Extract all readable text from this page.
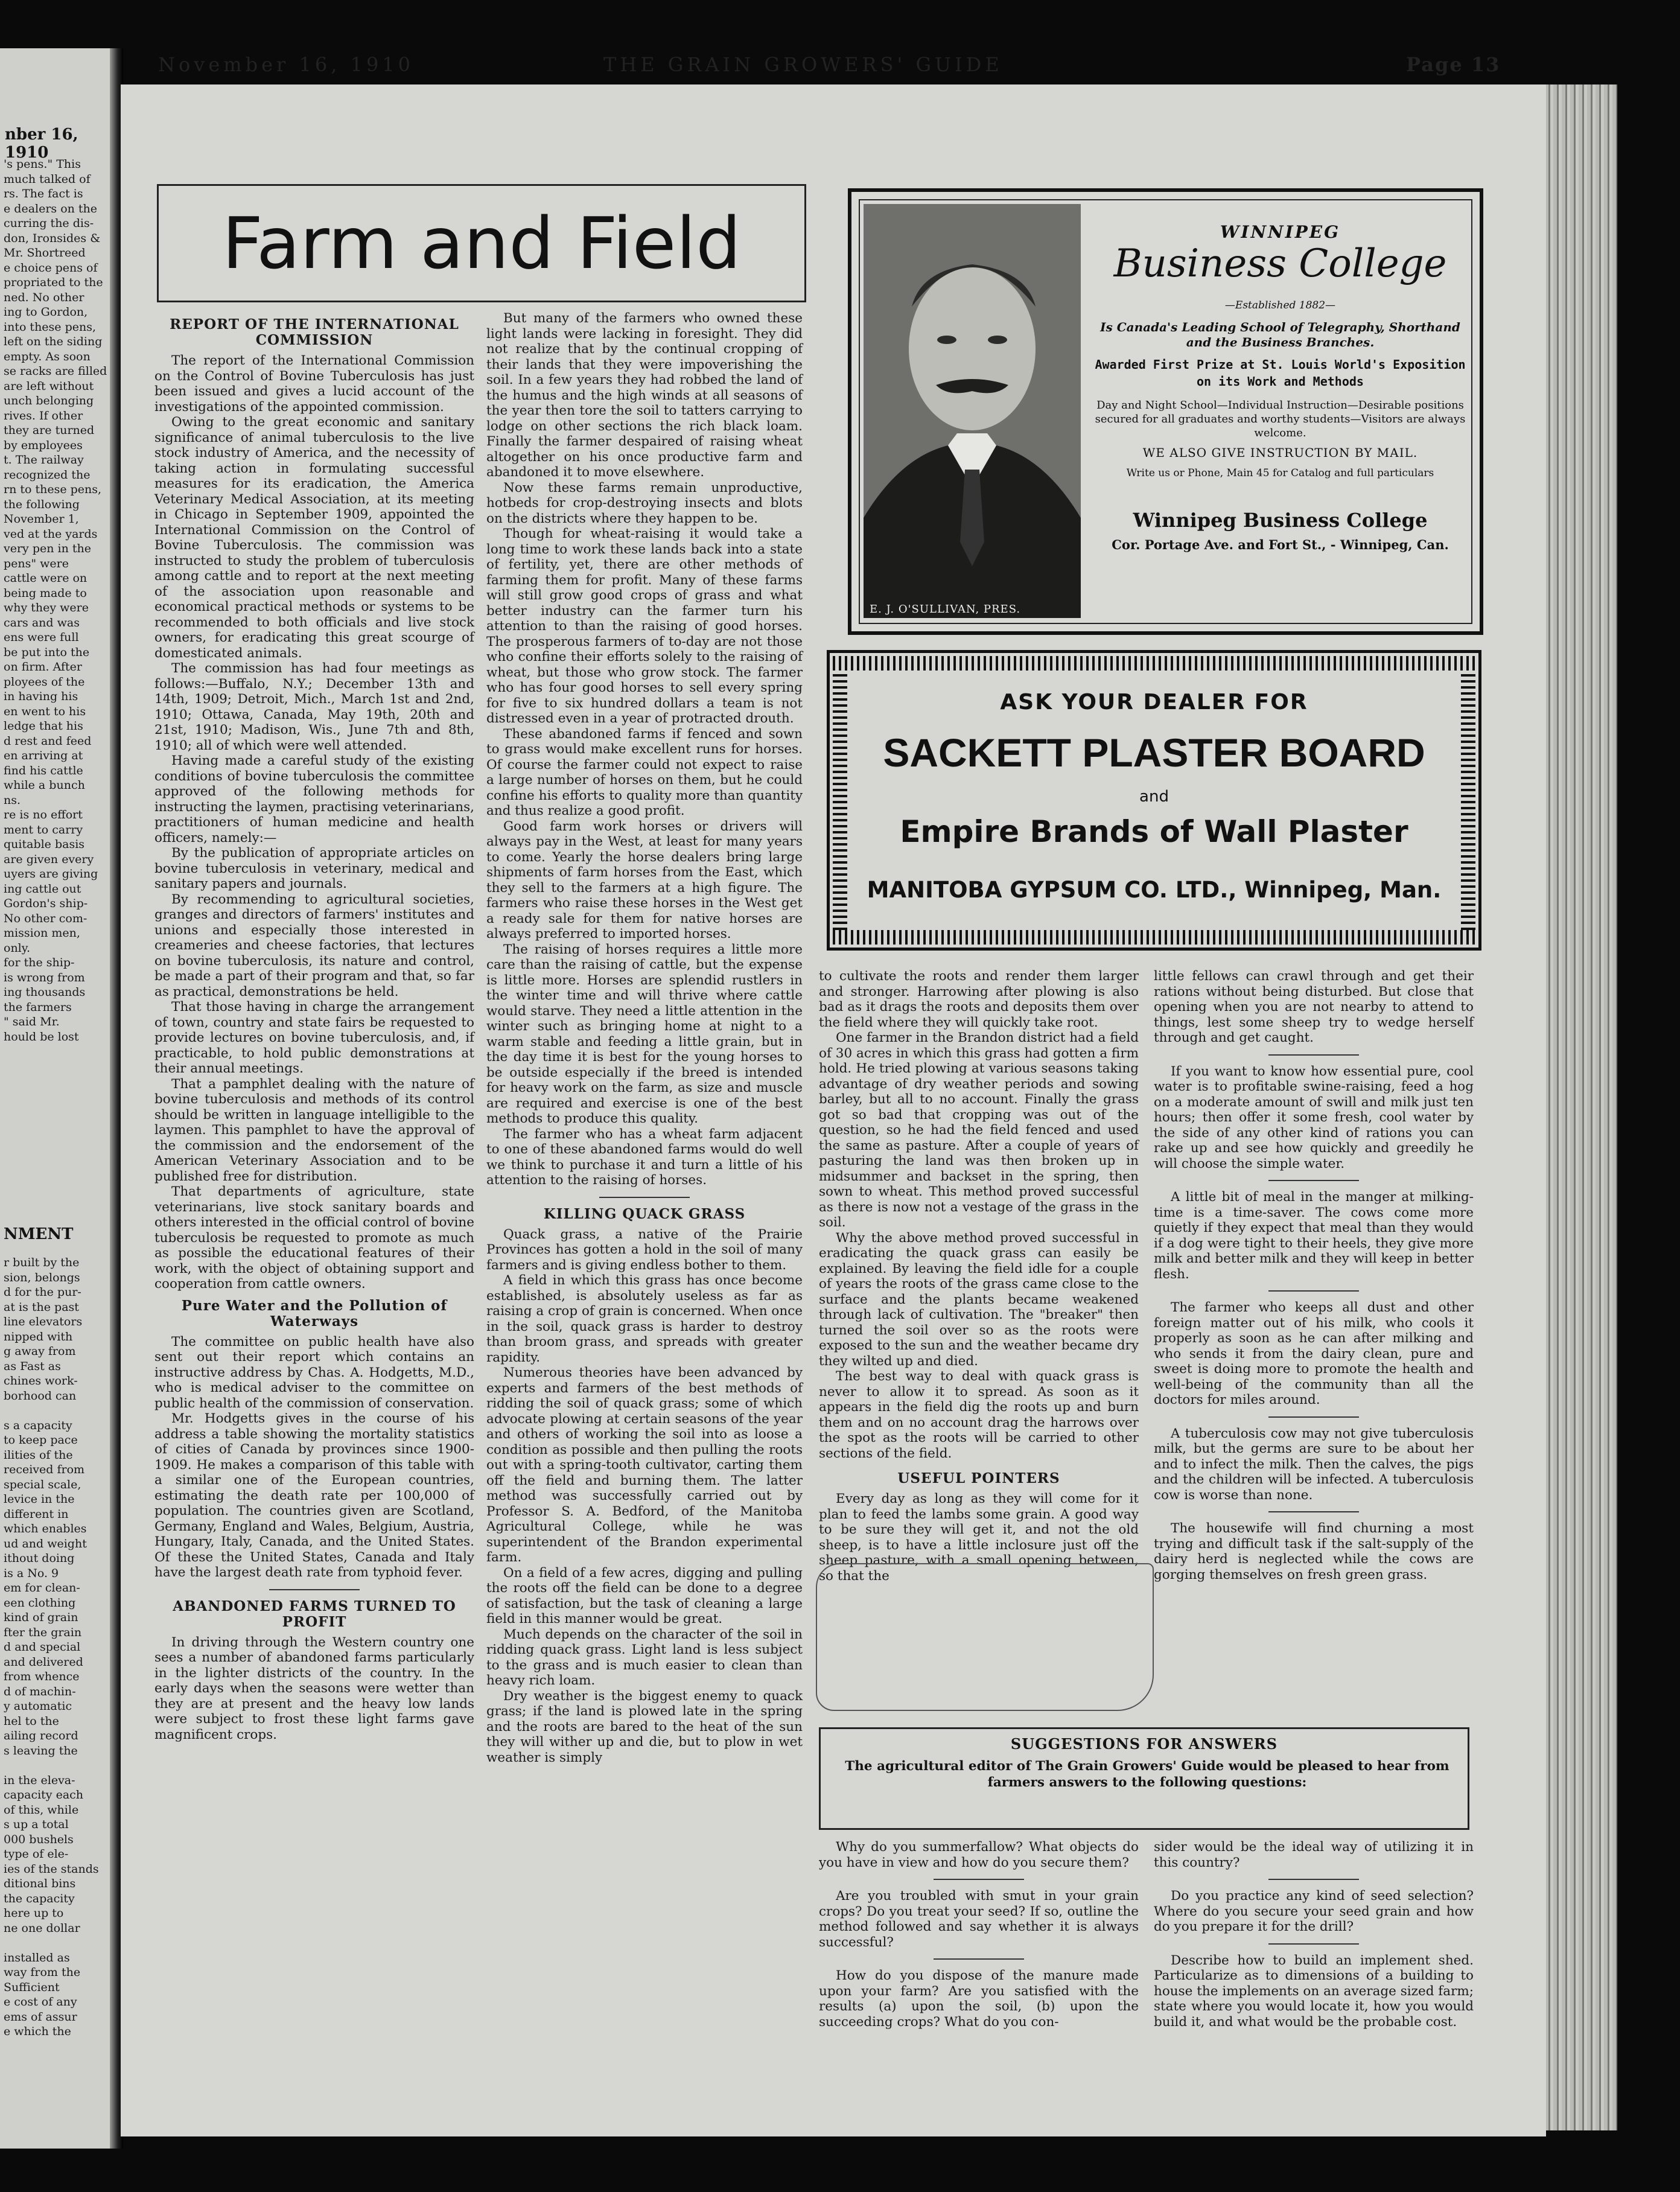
nber 16, 1910
's pens." This
much talked of
rs. The fact is
e dealers on the
curring the dis-
don, Ironsides &
Mr. Shortreed
e choice pens of
propriated to the
ned. No other
ing to Gordon,
into these pens,
left on the siding
empty. As soon
se racks are filled
are left without
unch belonging
rives. If other
they are turned
by employees
t. The railway
recognized the
rn to these pens,
the following
November 1,
ved at the yards
very pen in the
pens" were
cattle were on
being made to
why they were
cars and was
ens were full
be put into the
on firm. After
ployees of the
in having his
en went to his
ledge that his
d rest and feed
en arriving at
find his cattle
while a bunch
ns.
re is no effort
ment to carry
quitable basis
are given every
uyers are giving
ing cattle out
Gordon's ship-
No other com-
mission men,
only.
for the ship-
is wrong from
ing thousands
the farmers
" said Mr.
hould be lost
NMENT
r built by the
sion, belongs
d for the pur-
at is the past
line elevators
nipped with
g away from
as Fast as
chines work-
borhood can

s a capacity
to keep pace
ilities of the
received from
special scale,
levice in the
different in
which enables
ud and weight
ithout doing
is a No. 9
em for clean-
een clothing
kind of grain
fter the grain
d and special
and delivered
from whence
d of machin-
y automatic
hel to the
ailing record
s leaving the

in the eleva-
capacity each
of this, while
s up a total
000 bushels
type of ele-
ies of the stands
ditional bins
the capacity
here up to
ne one dollar

installed as
way from the
Sufficient
e cost of any
ems of assur
e which the
November 16, 1910	THE GRAIN GROWERS' GUIDE	Page 13
Farm and Field
REPORT OF THE INTERNATIONAL COMMISSION

The report of the International Commission on the Control of Bovine Tuberculosis has just been issued and gives a lucid account of the investigations of the appointed commission.

Owing to the great economic and sanitary significance of animal tuberculosis to the live stock industry of America, and the necessity of taking action in formulating successful measures for its eradication, the America Veterinary Medical Association, at its meeting in Chicago in September 1909, appointed the International Commission on the Control of Bovine Tuberculosis. The commission was instructed to study the problem of tuberculosis among cattle and to report at the next meeting of the association upon reasonable and economical practical methods or systems to be recommended to both officials and live stock owners, for eradicating this great scourge of domesticated animals.

The commission has had four meetings as follows:—Buffalo, N.Y.; December 13th and 14th, 1909; Detroit, Mich., March 1st and 2nd, 1910; Ottawa, Canada, May 19th, 20th and 21st, 1910; Madison, Wis., June 7th and 8th, 1910; all of which were well attended.

Having made a careful study of the existing conditions of bovine tuberculosis the committee approved of the following methods for instructing the laymen, practising veterinarians, practitioners of human medicine and health officers, namely:—

By the publication of appropriate articles on bovine tuberculosis in veterinary, medical and sanitary papers and journals.

By recommending to agricultural societies, granges and directors of farmers' institutes and unions and especially those interested in creameries and cheese factories, that lectures on bovine tuberculosis, its nature and control, be made a part of their program and that, so far as practical, demonstrations be held.

That those having in charge the arrangement of town, country and state fairs be requested to provide lectures on bovine tuberculosis, and, if practicable, to hold public demonstrations at their annual meetings.

That a pamphlet dealing with the nature of bovine tuberculosis and methods of its control should be written in language intelligible to the laymen. This pamphlet to have the approval of the commission and the endorsement of the American Veterinary Association and to be published free for distribution.

That departments of agriculture, state veterinarians, live stock sanitary boards and others interested in the official control of bovine tuberculosis be requested to promote as much as possible the educational features of their work, with the object of obtaining support and cooperation from cattle owners.

Pure Water and the Pollution of Waterways

The committee on public health have also sent out their report which contains an instructive address by Chas. A. Hodgetts, M.D., who is medical adviser to the committee on public health of the commission of conservation.

Mr. Hodgetts gives in the course of his address a table showing the mortality statistics of cities of Canada by provinces since 1900-1909. He makes a comparison of this table with a similar one of the European countries, estimating the death rate per 100,000 of population. The countries given are Scotland, Germany, England and Wales, Belgium, Austria, Hungary, Italy, Canada, and the United States. Of these the United States, Canada and Italy have the largest death rate from typhoid fever.

ABANDONED FARMS TURNED TO PROFIT

In driving through the Western country one sees a number of abandoned farms particularly in the lighter districts of the country. In the early days when the seasons were wetter than they are at present and the heavy low lands were subject to frost these light farms gave magnificent crops.

But many of the farmers who owned these light lands were lacking in foresight. They did not realize that by the continual cropping of their lands that they were impoverishing the soil. In a few years they had robbed the land of the humus and the high winds at all seasons of the year then tore the soil to tatters carrying to lodge on other sections the rich black loam. Finally the farmer despaired of raising wheat altogether on his once productive farm and abandoned it to move elsewhere.

Now these farms remain unproductive, hotbeds for crop-destroying insects and blots on the districts where they happen to be.

Though for wheat-raising it would take a long time to work these lands back into a state of fertility, yet, there are other methods of farming them for profit. Many of these farms will still grow good crops of grass and what better industry can the farmer turn his attention to than the raising of good horses. The prosperous farmers of to-day are not those who confine their efforts solely to the raising of wheat, but those who grow stock. The farmer who has four good horses to sell every spring for five to six hundred dollars a team is not distressed even in a year of protracted drouth.

These abandoned farms if fenced and sown to grass would make excellent runs for horses. Of course the farmer could not expect to raise a large number of horses on them, but he could confine his efforts to quality more than quantity and thus realize a good profit.

Good farm work horses or drivers will always pay in the West, at least for many years to come. Yearly the horse dealers bring large shipments of farm horses from the East, which they sell to the farmers at a high figure. The farmers who raise these horses in the West get a ready sale for them for native horses are always preferred to imported horses.

The raising of horses requires a little more care than the raising of cattle, but the expense is little more. Horses are splendid rustlers in the winter time and will thrive where cattle would starve. They need a little attention in the winter such as bringing home at night to a warm stable and feeding a little grain, but in the day time it is best for the young horses to be outside especially if the breed is intended for heavy work on the farm, as size and muscle are required and exercise is one of the best methods to produce this quality.

The farmer who has a wheat farm adjacent to one of these abandoned farms would do well we think to purchase it and turn a little of his attention to the raising of horses.

KILLING QUACK GRASS

Quack grass, a native of the Prairie Provinces has gotten a hold in the soil of many farmers and is giving endless bother to them.

A field in which this grass has once become established, is absolutely useless as far as raising a crop of grain is concerned. When once in the soil, quack grass is harder to destroy than broom grass, and spreads with greater rapidity.

Numerous theories have been advanced by experts and farmers of the best methods of ridding the soil of quack grass; some of which advocate plowing at certain seasons of the year and others of working the soil into as loose a condition as possible and then pulling the roots out with a spring-tooth cultivator, carting them off the field and burning them. The latter method was successfully carried out by Professor S. A. Bedford, of the Manitoba Agricultural College, while he was superintendent of the Brandon experimental farm.

On a field of a few acres, digging and pulling the roots off the field can be done to a degree of satisfaction, but the task of cleaning a large field in this manner would be great.

Much depends on the character of the soil in ridding quack grass. Light land is less subject to the grass and is much easier to clean than heavy rich loam.

Dry weather is the biggest enemy to quack grass; if the land is plowed late in the spring and the roots are bared to the heat of the sun they will wither up and die, but to plow in wet weather is simply

E. J. O'SULLIVAN, PRES.
WINNIPEG
Business College
—Established 1882—
Is Canada's Leading School of Telegraphy, Shorthand and the Business Branches.
Awarded First Prize at St. Louis World's Exposition on its Work and Methods
Day and Night School—Individual Instruction—Desirable positions secured for all graduates and worthy students—Visitors are always welcome.
WE ALSO GIVE INSTRUCTION BY MAIL.
Write us or Phone, Main 45 for Catalog and full particulars
Winnipeg Business College
Cor. Portage Ave. and Fort St., - Winnipeg, Can.
ASK YOUR DEALER FOR
SACKETT PLASTER BOARD
and
Empire Brands of Wall Plaster
MANITOBA GYPSUM CO. LTD., Winnipeg, Man.

to cultivate the roots and render them larger and stronger. Harrowing after plowing is also bad as it drags the roots and deposits them over the field where they will quickly take root.

One farmer in the Brandon district had a field of 30 acres in which this grass had gotten a firm hold. He tried plowing at various seasons taking advantage of dry weather periods and sowing barley, but all to no account. Finally the grass got so bad that cropping was out of the question, so he had the field fenced and used the same as pasture. After a couple of years of pasturing the land was then broken up in midsummer and backset in the spring, then sown to wheat. This method proved successful as there is now not a vestage of the grass in the soil.

Why the above method proved successful in eradicating the quack grass can easily be explained. By leaving the field idle for a couple of years the roots of the grass came close to the surface and the plants became weakened through lack of cultivation. The "breaker" then turned the soil over so as the roots were exposed to the sun and the weather became dry they wilted up and died.

The best way to deal with quack grass is never to allow it to spread. As soon as it appears in the field dig the roots up and burn them and on no account drag the harrows over the spot as the roots will be carried to other sections of the field.

USEFUL POINTERS

Every day as long as they will come for it plan to feed the lambs some grain. A good way to be sure they will get it, and not the old sheep, is to have a little inclosure just off the sheep pasture, with a small opening between, so that the

little fellows can crawl through and get their rations without being disturbed. But close that opening when you are not nearby to attend to things, lest some sheep try to wedge herself through and get caught.

If you want to know how essential pure, cool water is to profitable swine-raising, feed a hog on a moderate amount of swill and milk just ten hours; then offer it some fresh, cool water by the side of any other kind of rations you can rake up and see how quickly and greedily he will choose the simple water.

A little bit of meal in the manger at milking-time is a time-saver. The cows come more quietly if they expect that meal than they would if a dog were tight to their heels, they give more milk and better milk and they will keep in better flesh.

The farmer who keeps all dust and other foreign matter out of his milk, who cools it properly as soon as he can after milking and who sends it from the dairy clean, pure and sweet is doing more to promote the health and well-being of the community than all the doctors for miles around.

A tuberculosis cow may not give tuberculosis milk, but the germs are sure to be about her and to infect the milk. Then the calves, the pigs and the children will be infected. A tuberculosis cow is worse than none.

The housewife will find churning a most trying and difficult task if the salt-supply of the dairy herd is neglected while the cows are gorging themselves on fresh green grass.

SUGGESTIONS FOR ANSWERS
The agricultural editor of The Grain Growers' Guide would be pleased to hear from farmers answers to the following questions:

Why do you summerfallow? What objects do you have in view and how do you secure them?

Are you troubled with smut in your grain crops? Do you treat your seed? If so, outline the method followed and say whether it is always successful?

How do you dispose of the manure made upon your farm? Are you satisfied with the results (a) upon the soil, (b) upon the succeeding crops? What do you con-

sider would be the ideal way of utilizing it in this country?

Do you practice any kind of seed selection? Where do you secure your seed grain and how do you prepare it for the drill?

Describe how to build an implement shed. Particularize as to dimensions of a building to house the implements on an average sized farm; state where you would locate it, how you would build it, and what would be the probable cost.
